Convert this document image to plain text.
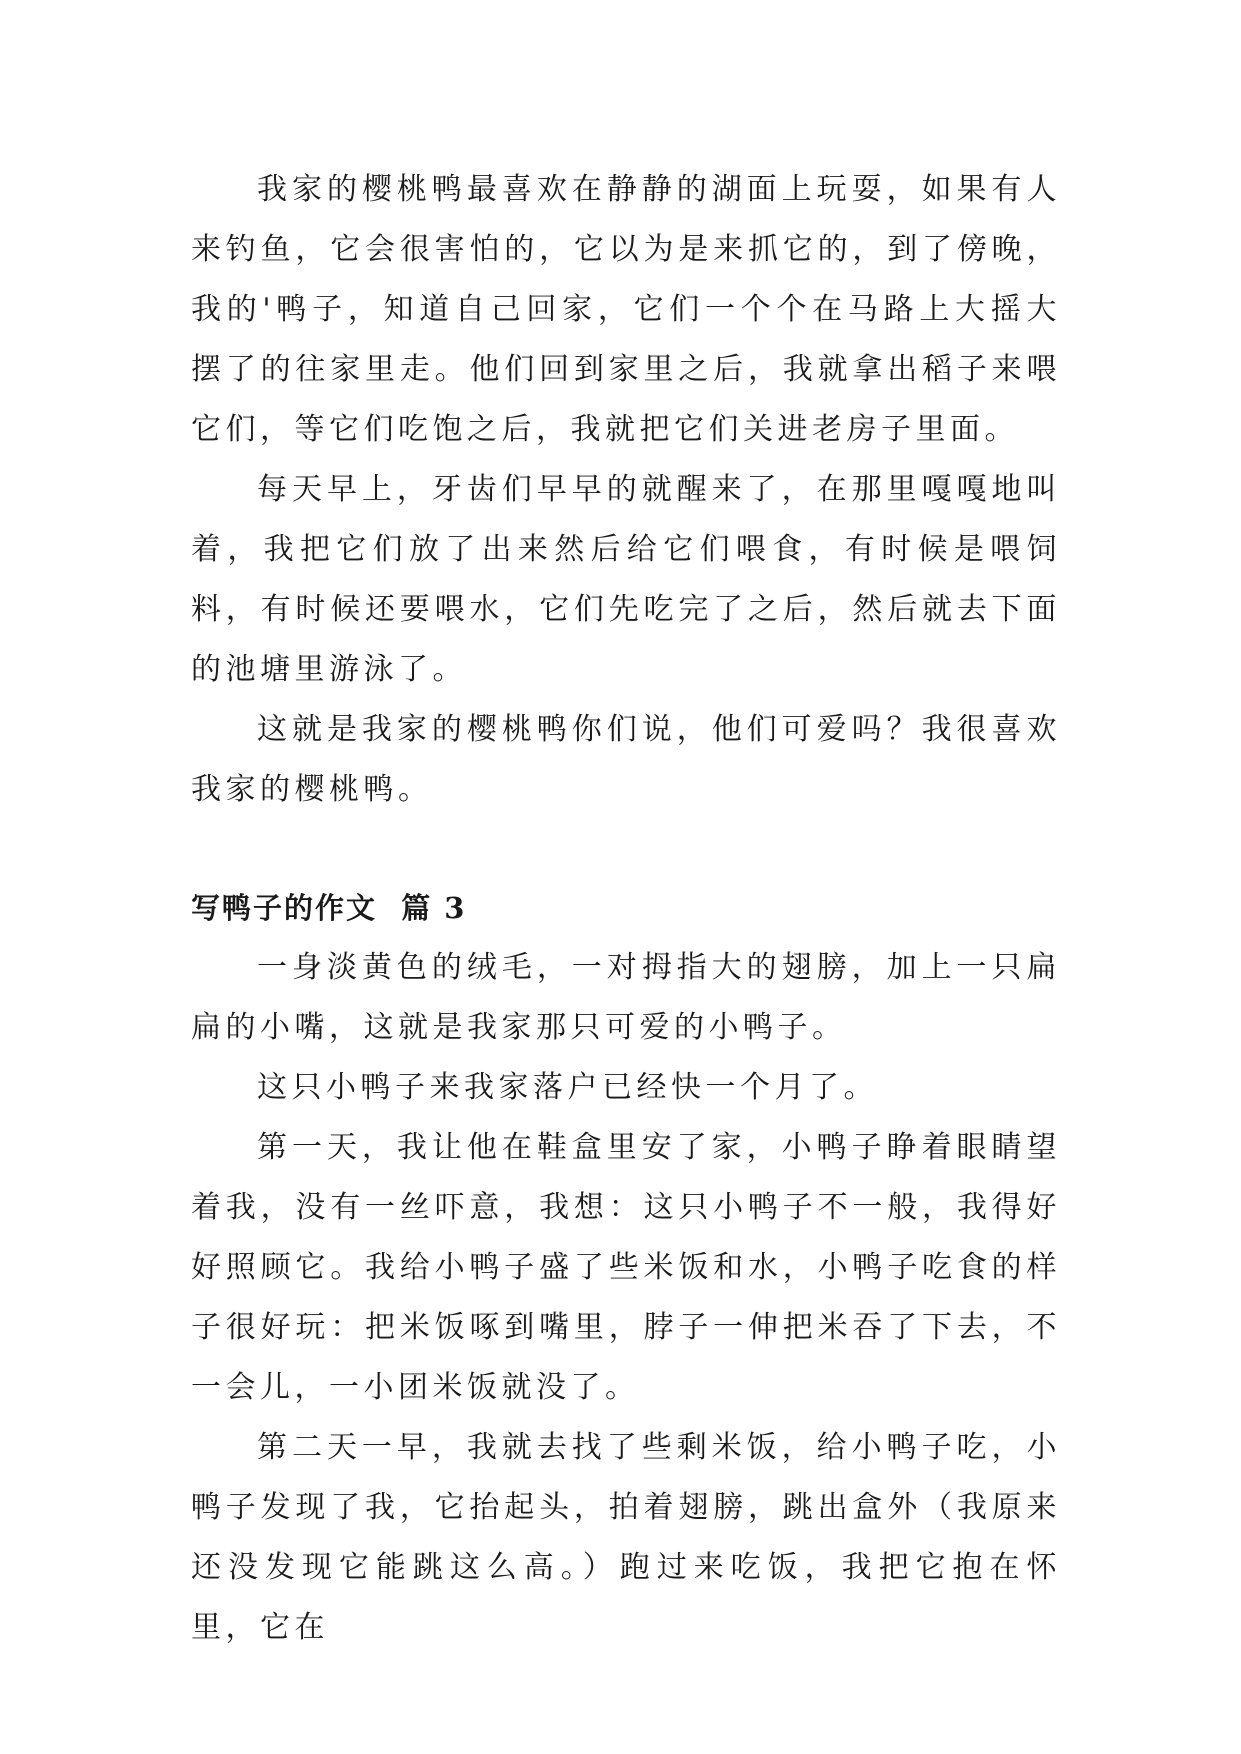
我家的樱桃鸭最喜欢在静静的湖面上玩耍，如果有人来钓鱼，它会很害怕的，它以为是来抓它的，到了傍晚，我的'鸭子，知道自己回家，它们一个个在马路上大摇大摆了的往家里走。他们回到家里之后，我就拿出稻子来喂它们，等它们吃饱之后，我就把它们关进老房子里面。

每天早上，牙齿们早早的就醒来了，在那里嘎嘎地叫着，我把它们放了出来然后给它们喂食，有时候是喂饲料，有时候还要喂水，它们先吃完了之后，然后就去下面的池塘里游泳了。

这就是我家的樱桃鸭你们说，他们可爱吗？我很喜欢我家的樱桃鸭。

写鸭子的作文  篇 3

一身淡黄色的绒毛，一对拇指大的翅膀，加上一只扁扁的小嘴，这就是我家那只可爱的小鸭子。

这只小鸭子来我家落户已经快一个月了。

第一天，我让他在鞋盒里安了家，小鸭子睁着眼睛望着我，没有一丝吓意，我想：这只小鸭子不一般，我得好好照顾它。我给小鸭子盛了些米饭和水，小鸭子吃食的样子很好玩：把米饭啄到嘴里，脖子一伸把米吞了下去，不一会儿，一小团米饭就没了。

第二天一早，我就去找了些剩米饭，给小鸭子吃，小鸭子发现了我，它抬起头，拍着翅膀，跳出盒外（我原来还没发现它能跳这么高。）跑过来吃饭，我把它抱在怀里，它在
